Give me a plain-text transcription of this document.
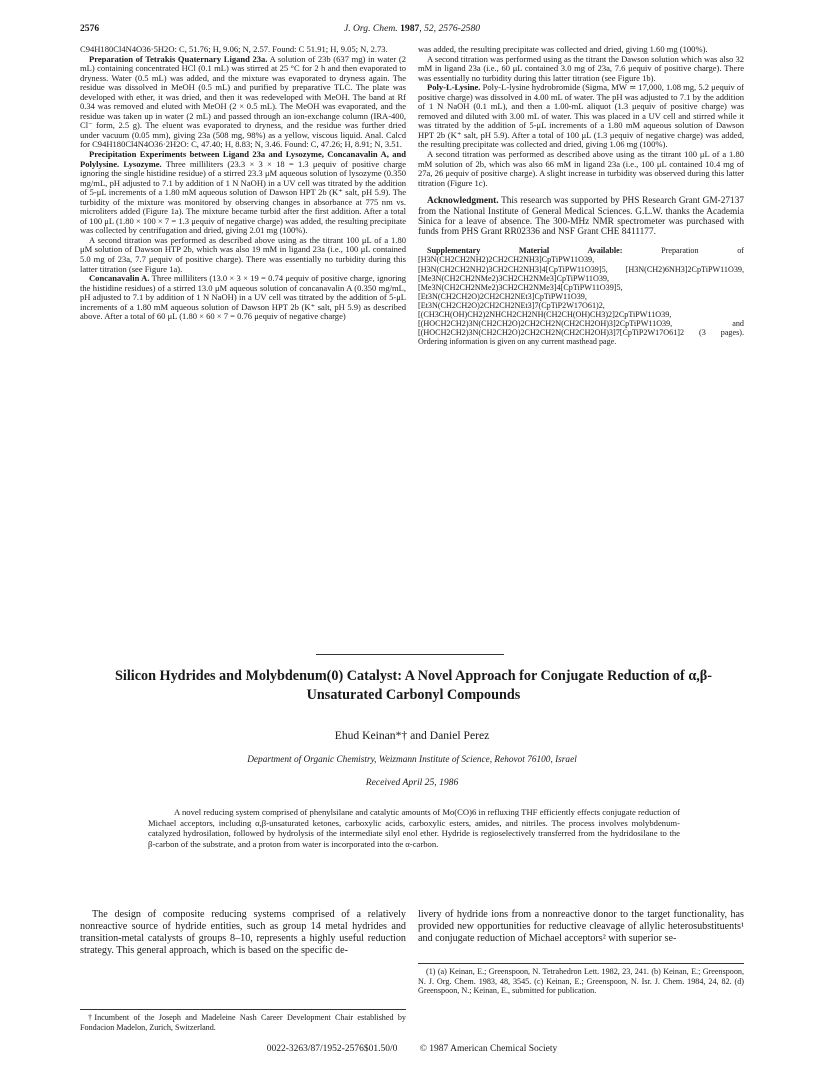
2576	J. Org. Chem. 1987, 52, 2576-2580

C94H180Cl4N4O36·5H2O: C, 51.76; H, 9.06; N, 2.57. Found: C 51.91; H, 9.05; N, 2.73.

Preparation of Tetrakis Quaternary Ligand 23a. A solution of 23b (637 mg) in water (2 mL) containing concentrated HCl (0.1 mL) was stirred at 25 °C for 2 h and then evaporated to dryness. Water (0.5 mL) was added, and the mixture was evaporated to dryness again. The residue was dissolved in MeOH (0.5 mL) and purified by preparative TLC. The plate was developed with ether, it was dried, and then it was redeveloped with MeOH. The band at Rf 0.34 was removed and eluted with MeOH (2 × 0.5 mL). The MeOH was evaporated, and the residue was taken up in water (2 mL) and passed through an ion-exchange column (IRA-400, Cl⁻ form, 2.5 g). The eluent was evaporated to dryness, and the residue was further dried under vacuum (0.05 mm), giving 23a (508 mg, 98%) as a yellow, viscous liquid. Anal. Calcd for C94H180Cl4N4O36·2H2O: C, 47.40; H, 8.83; N, 3.46. Found: C, 47.26; H, 8.91; N, 3.51.

Precipitation Experiments between Ligand 23a and Lysozyme, Concanavalin A, and Polylysine. Lysozyme. Three milliliters (23.3 × 3 × 18 = 1.3 μequiv of positive charge ignoring the single histidine residue) of a stirred 23.3 μM aqueous solution of lysozyme (0.350 mg/mL, pH adjusted to 7.1 by addition of 1 N NaOH) in a UV cell was titrated by the addition of 5-μL increments of a 1.80 mM aqueous solution of Dawson HPT 2b (K⁺ salt, pH 5.9). The turbidity of the mixture was monitored by observing changes in absorbance at 775 nm vs. microliters added (Figure 1a). The mixture became turbid after the first addition. After a total of 100 μL (1.80 × 100 × 7 = 1.3 μequiv of negative charge) was added, the resulting precipitate was collected by centrifugation and dried, giving 2.01 mg (100%).

A second titration was performed as described above using as the titrant 100 μL of a 1.80 μM solution of Dawson HTP 2b, which was also 19 mM in ligand 23a (i.e., 100 μL contained 5.0 mg of 23a, 7.7 μequiv of positive charge). There was essentially no turbidity during this latter titration (see Figure 1a).

Concanavalin A. Three milliliters (13.0 × 3 × 19 = 0.74 μequiv of positive charge, ignoring the histidine residues) of a stirred 13.0 μM aqueous solution of concanavalin A (0.350 mg/mL, pH adjusted to 7.1 by addition of 1 N NaOH) in a UV cell was titrated by the addition of 5-μL increments of a 1.80 mM aqueous solution of Dawson HPT 2b (K⁺ salt, pH 5.9) as described above. After a total of 60 μL (1.80 × 60 × 7 = 0.76 μequiv of negative charge)

was added, the resulting precipitate was collected and dried, giving 1.60 mg (100%).

A second titration was performed using as the titrant the Dawson solution which was also 32 mM in ligand 23a (i.e., 60 μL contained 3.0 mg of 23a, 7.6 μequiv of positive charge). There was essentially no turbidity during this latter titration (see Figure 1b).

Poly-L-Lysine. Poly-L-lysine hydrobromide (Sigma, MW ≃ 17,000, 1.08 mg, 5.2 μequiv of positive charge) was dissolved in 4.00 mL of water. The pH was adjusted to 7.1 by the addition of 1 N NaOH (0.1 mL), and then a 1.00-mL aliquot (1.3 μequiv of positive charge) was removed and diluted with 3.00 mL of water. This was placed in a UV cell and stirred while it was titrated by the addition of 5-μL increments of a 1.80 mM aqueous solution of Dawson HPT 2b (K⁺ salt, pH 5.9). After a total of 100 μL (1.3 μequiv of negative charge) was added, the resulting precipitate was collected and dried, giving 1.06 mg (100%).

A second titration was performed as described above using as the titrant 100 μL of a 1.80 mM solution of 2b, which was also 66 mM in ligand 23a (i.e., 100 μL contained 10.4 mg of 27a, 26 μequiv of positive charge). A slight increase in turbidity was observed during this latter titration (Figure 1c).

Acknowledgment. This research was supported by PHS Research Grant GM-27137 from the National Institute of General Medical Sciences. G.L.W. thanks the Academia Sinica for a leave of absence. The 300-MHz NMR spectrometer was purchased with funds from PHS Grant RR02336 and NSF Grant CHE 8411177.

Supplementary Material Available:	Preparation of [H3N(CH2CH2NH2)2CH2CH2NH3]CpTiPW11O39, [H3N(CH2CH2NH2)3CH2CH2NH3]4[CpTiPW11O39]5, [H3N(CH2)6NH3]2CpTiPW11O39, [Me3N(CH2CH2NMe2)3CH2CH2NMe3]CpTiPW11O39, [Me3N(CH2CH2NMe2)3CH2CH2NMe3]4[CpTiPW11O39]5, [Et3N(CH2CH2O)2CH2CH2NEt3]CpTiPW11O39, [Et3N(CH2CH2O)2CH2CH2NEt3]7(CpTiP2W17O61)2, [(CH3CH(OH)CH2)2NHCH2CH2NH(CH2CH(OH)CH3)2]2CpTiPW11O39, [(HOCH2CH2)3N(CH2CH2O)2CH2CH2N(CH2CH2OH)3]2CpTiPW11O39, and [(HOCH2CH2)3N(CH2CH2O)2CH2CH2N(CH2CH2OH)3]7[CpTiP2W17O61]2 (3 pages). Ordering information is given on any current masthead page.

Silicon Hydrides and Molybdenum(0) Catalyst: A Novel Approach for Conjugate Reduction of α,β-Unsaturated Carbonyl Compounds
Ehud Keinan*† and Daniel Perez
Department of Organic Chemistry, Weizmann Institute of Science, Rehovot 76100, Israel
Received April 25, 1986
A novel reducing system comprised of phenylsilane and catalytic amounts of Mo(CO)6 in refluxing THF efficiently effects conjugate reduction of Michael acceptors, including α,β-unsaturated ketones, carboxylic acids, carboxylic esters, amides, and nitriles. The process involves molybdenum-catalyzed hydrosilation, followed by hydrolysis of the intermediate silyl enol ether. Hydride is regioselectively transferred from the hydridosilane to the β-carbon of the substrate, and a proton from water is incorporated into the α-carbon.
The design of composite reducing systems comprised of a relatively nonreactive source of hydride entities, such as group 14 metal hydrides and transition-metal catalysts of groups 8–10, represents a highly useful reduction strategy. This general approach, which is based on the specific de-
livery of hydride ions from a nonreactive donor to the target functionality, has provided new opportunities for reductive cleavage of allylic heterosubstituents¹ and conjugate reduction of Michael acceptors² with superior se-
†Incumbent of the Joseph and Madeleine Nash Career Development Chair established by Fondacion Madelon, Zurich, Switzerland.
(1) (a) Keinan, E.; Greenspoon, N. Tetrahedron Lett. 1982, 23, 241. (b) Keinan, E.; Greenspoon, N. J. Org. Chem. 1983, 48, 3545. (c) Keinan, E.; Greenspoon, N. Isr. J. Chem. 1984, 24, 82. (d) Greenspoon, N.; Keinan, E., submitted for publication.
0022-3263/87/1952-2576$01.50/0 © 1987 American Chemical Society
